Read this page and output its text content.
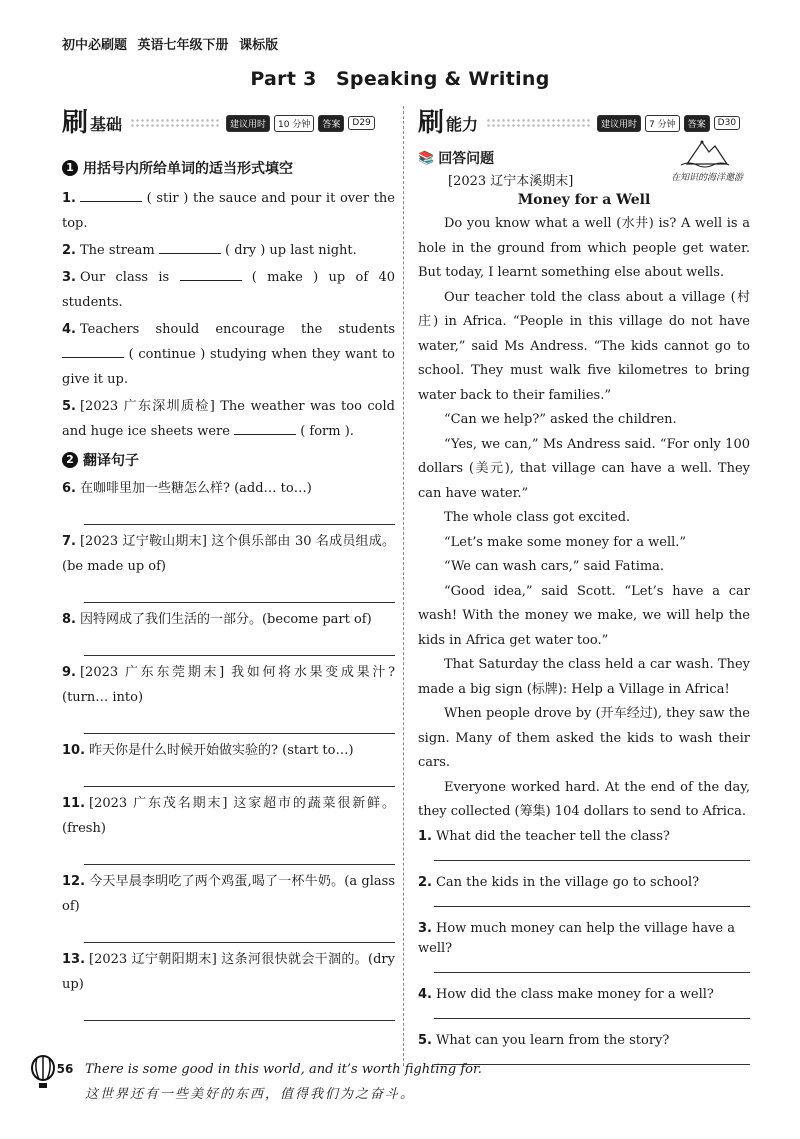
初中必刷题 英语七年级下册 课标版
Part 3　Speaking & Writing
刷 基础	建议用时	10 分钟	答案	D29
1 用括号内所给单词的适当形式填空
1.	( stir ) the sauce and pour it over the top.
2. The stream	( dry ) up last night.
3. Our class is	( make ) up of 40 students.
4. Teachers should encourage the students  ( continue ) studying when they want to give it up.
5. [2023 广东深圳质检] The weather was too cold and huge ice sheets were	( form ).
2 翻译句子
6. 在咖啡里加一些糖怎么样? (add… to…)
7. [2023 辽宁鞍山期末] 这个俱乐部由 30 名成员组成。(be made up of)
8. 因特网成了我们生活的一部分。(become part of)
9. [2023 广东东莞期末] 我如何将水果变成果汁? (turn… into)
10. 昨天你是什么时候开始做实验的? (start to…)
11. [2023 广东茂名期末] 这家超市的蔬菜很新鲜。(fresh)
12. 今天早晨李明吃了两个鸡蛋,喝了一杯牛奶。(a glass of)
13. [2023 辽宁朝阳期末] 这条河很快就会干涸的。(dry up)
刷 能力	建议用时	7 分钟	答案	D30
📚 回答问题
[2023 辽宁本溪期末]	在知识的海洋邀游
Money for a Well

Do you know what a well (水井) is? A well is a hole in the ground from which people get water. But today, I learnt something else about wells.

Our teacher told the class about a village (村庄) in Africa. “People in this village do not have water,” said Ms Andress. “The kids cannot go to school. They must walk five kilometres to bring water back to their families.”

“Can we help?” asked the children.

“Yes, we can,” Ms Andress said. “For only 100 dollars (美元), that village can have a well. They can have water.”

The whole class got excited.

“Let’s make some money for a well.”

“We can wash cars,” said Fatima.

“Good idea,” said Scott. “Let’s have a car wash! With the money we make, we will help the kids in Africa get water too.”

That Saturday the class held a car wash. They made a big sign (标牌): Help a Village in Africa!

When people drove by (开车经过), they saw the sign. Many of them asked the kids to wash their cars.

Everyone worked hard. At the end of the day, they collected (筹集) 104 dollars to send to Africa.

1. What did the teacher tell the class?
2. Can the kids in the village go to school?
3. How much money can help the village have a well?
4. How did the class make money for a well?
5. What can you learn from the story?
56 There is some good in this world, and it’s worth fighting for.
这世界还有一些美好的东西，值得我们为之奋斗。
